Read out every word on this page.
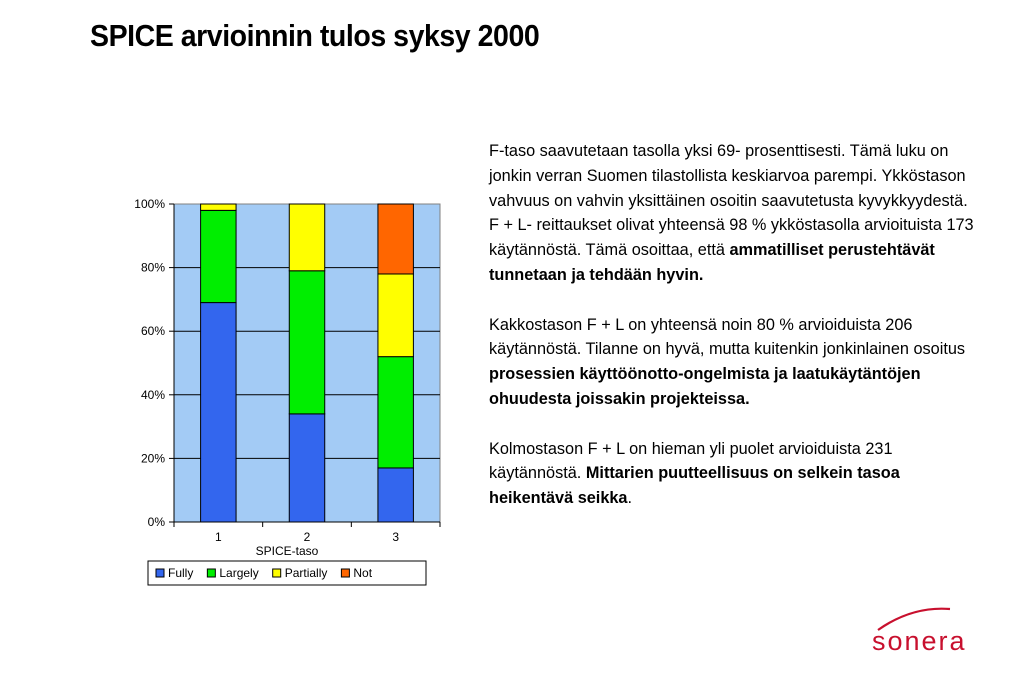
SPICE arvioinnin tulos syksy 2000
0%
20%
40%
60%
80%
100%
1	2	3
SPICE-taso
Fully Largely Partially Not

F-taso saavutetaan tasolla yksi 69- prosenttisesti. Tämä luku on jonkin verran Suomen tilastollista keskiarvoa parempi. Ykköstason vahvuus on vahvin yksittäinen osoitin saavutetusta kyvykkyydestä. F + L- reittaukset olivat yhteensä 98 % ykköstasolla arvioituista 173 käytännöstä. Tämä osoittaa, että ammatilliset perustehtävät tunnetaan ja tehdään hyvin.

Kakkostason F + L on yhteensä noin 80 % arvioiduista 206 käytännöstä. Tilanne on hyvä, mutta kuitenkin jonkinlainen osoitus prosessien käyttöönotto-ongelmista ja laatukäytäntöjen ohuudesta joissakin projekteissa.

Kolmostason F + L on hieman yli puolet arvioiduista 231 käytännöstä. Mittarien puutteellisuus on selkein tasoa heikentävä seikka.

sonera
